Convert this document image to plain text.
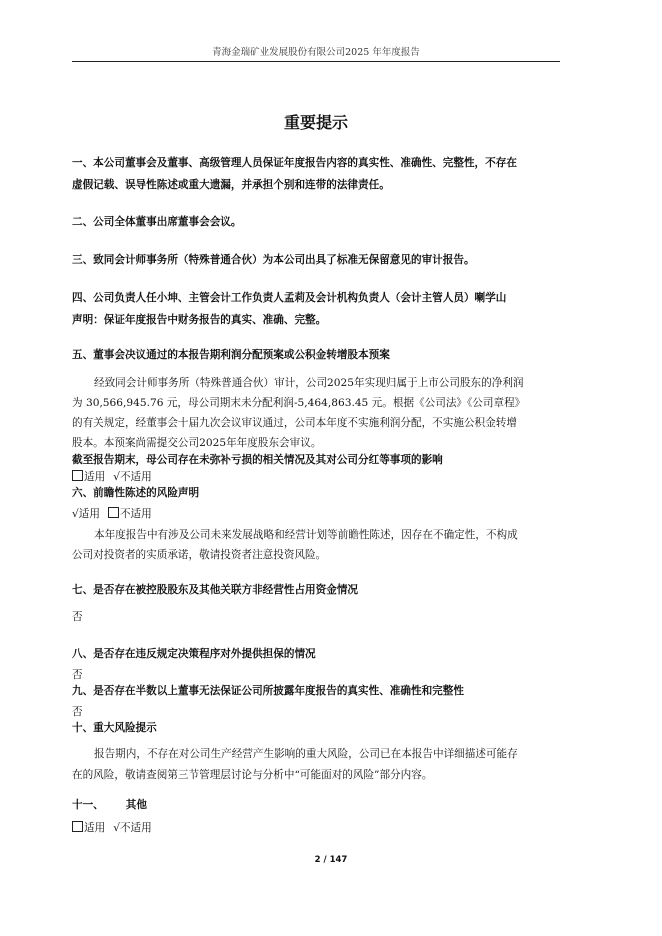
青海金瑞矿业发展股份有限公司2025 年年度报告
重要提示
一、本公司董事会及董事、高级管理人员保证年度报告内容的真实性、准确性、完整性，不存在
虚假记载、误导性陈述或重大遗漏，并承担个别和连带的法律责任。
二、公司全体董事出席董事会会议。
三、致同会计师事务所（特殊普通合伙）为本公司出具了标准无保留意见的审计报告。
四、公司负责人任小坤、主管会计工作负责人孟莉及会计机构负责人（会计主管人员）喇学山
声明：保证年度报告中财务报告的真实、准确、完整。
五、董事会决议通过的本报告期利润分配预案或公积金转增股本预案
经致同会计师事务所（特殊普通合伙）审计，公司2025年实现归属于上市公司股东的净利润
为 30,566,945.76 元，母公司期末未分配利润-5,464,863.45 元。根据《公司法》《公司章程》
的有关规定，经董事会十届九次会议审议通过，公司本年度不实施利润分配，不实施公积金转增
股本。本预案尚需提交公司2025年年度股东会审议。
截至报告期末，母公司存在未弥补亏损的相关情况及其对公司分红等事项的影响
适用 √不适用
六、前瞻性陈述的风险声明
√适用 不适用
本年度报告中有涉及公司未来发展战略和经营计划等前瞻性陈述，因存在不确定性，不构成
公司对投资者的实质承诺，敬请投资者注意投资风险。
七、是否存在被控股股东及其他关联方非经营性占用资金情况
否
八、是否存在违反规定决策程序对外提供担保的情况
否
九、是否存在半数以上董事无法保证公司所披露年度报告的真实性、准确性和完整性
否
十、重大风险提示
报告期内，不存在对公司生产经营产生影响的重大风险，公司已在本报告中详细描述可能存
在的风险，敬请查阅第三节管理层讨论与分析中“可能面对的风险”部分内容。
十一、 其他
适用 √不适用
2 / 147
